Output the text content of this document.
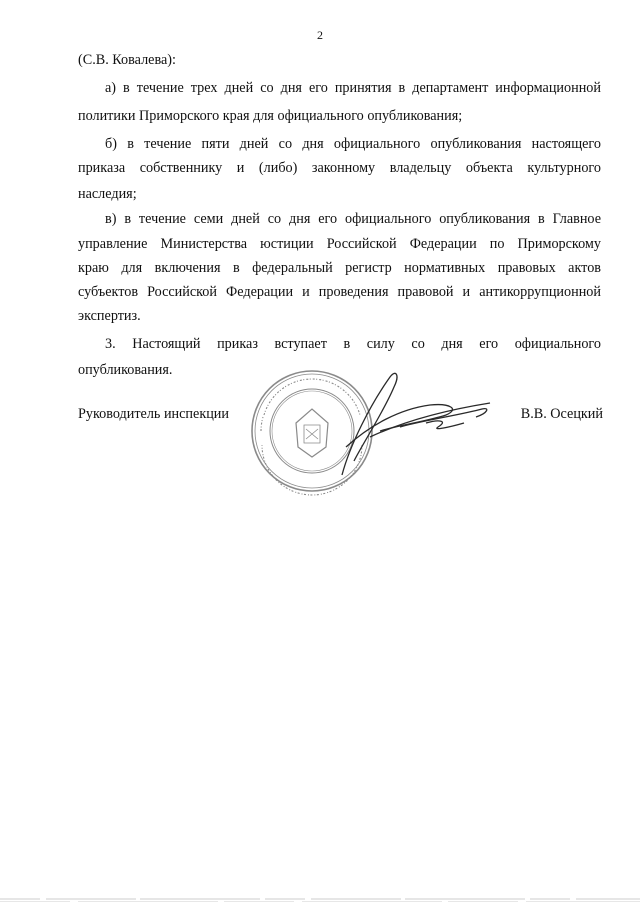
2
(С.В. Ковалева):
а) в течение трех дней со дня его принятия в департамент информационной
политики Приморского края для официального опубликования;
б) в течение пяти дней со дня официального опубликования настоящего
приказа собственнику и (либо) законному владельцу объекта культурного
наследия;
в) в течение семи дней со дня его официального опубликования в Главное
управление Министерства юстиции Российской Федерации по Приморскому
краю для включения в федеральный регистр нормативных правовых актов
субъектов Российской Федерации и проведения правовой и антикоррупционной
экспертиз.
3. Настоящий приказ вступает в силу со дня его официального
опубликования.
Руководитель инспекции	В.В. Осецкий
